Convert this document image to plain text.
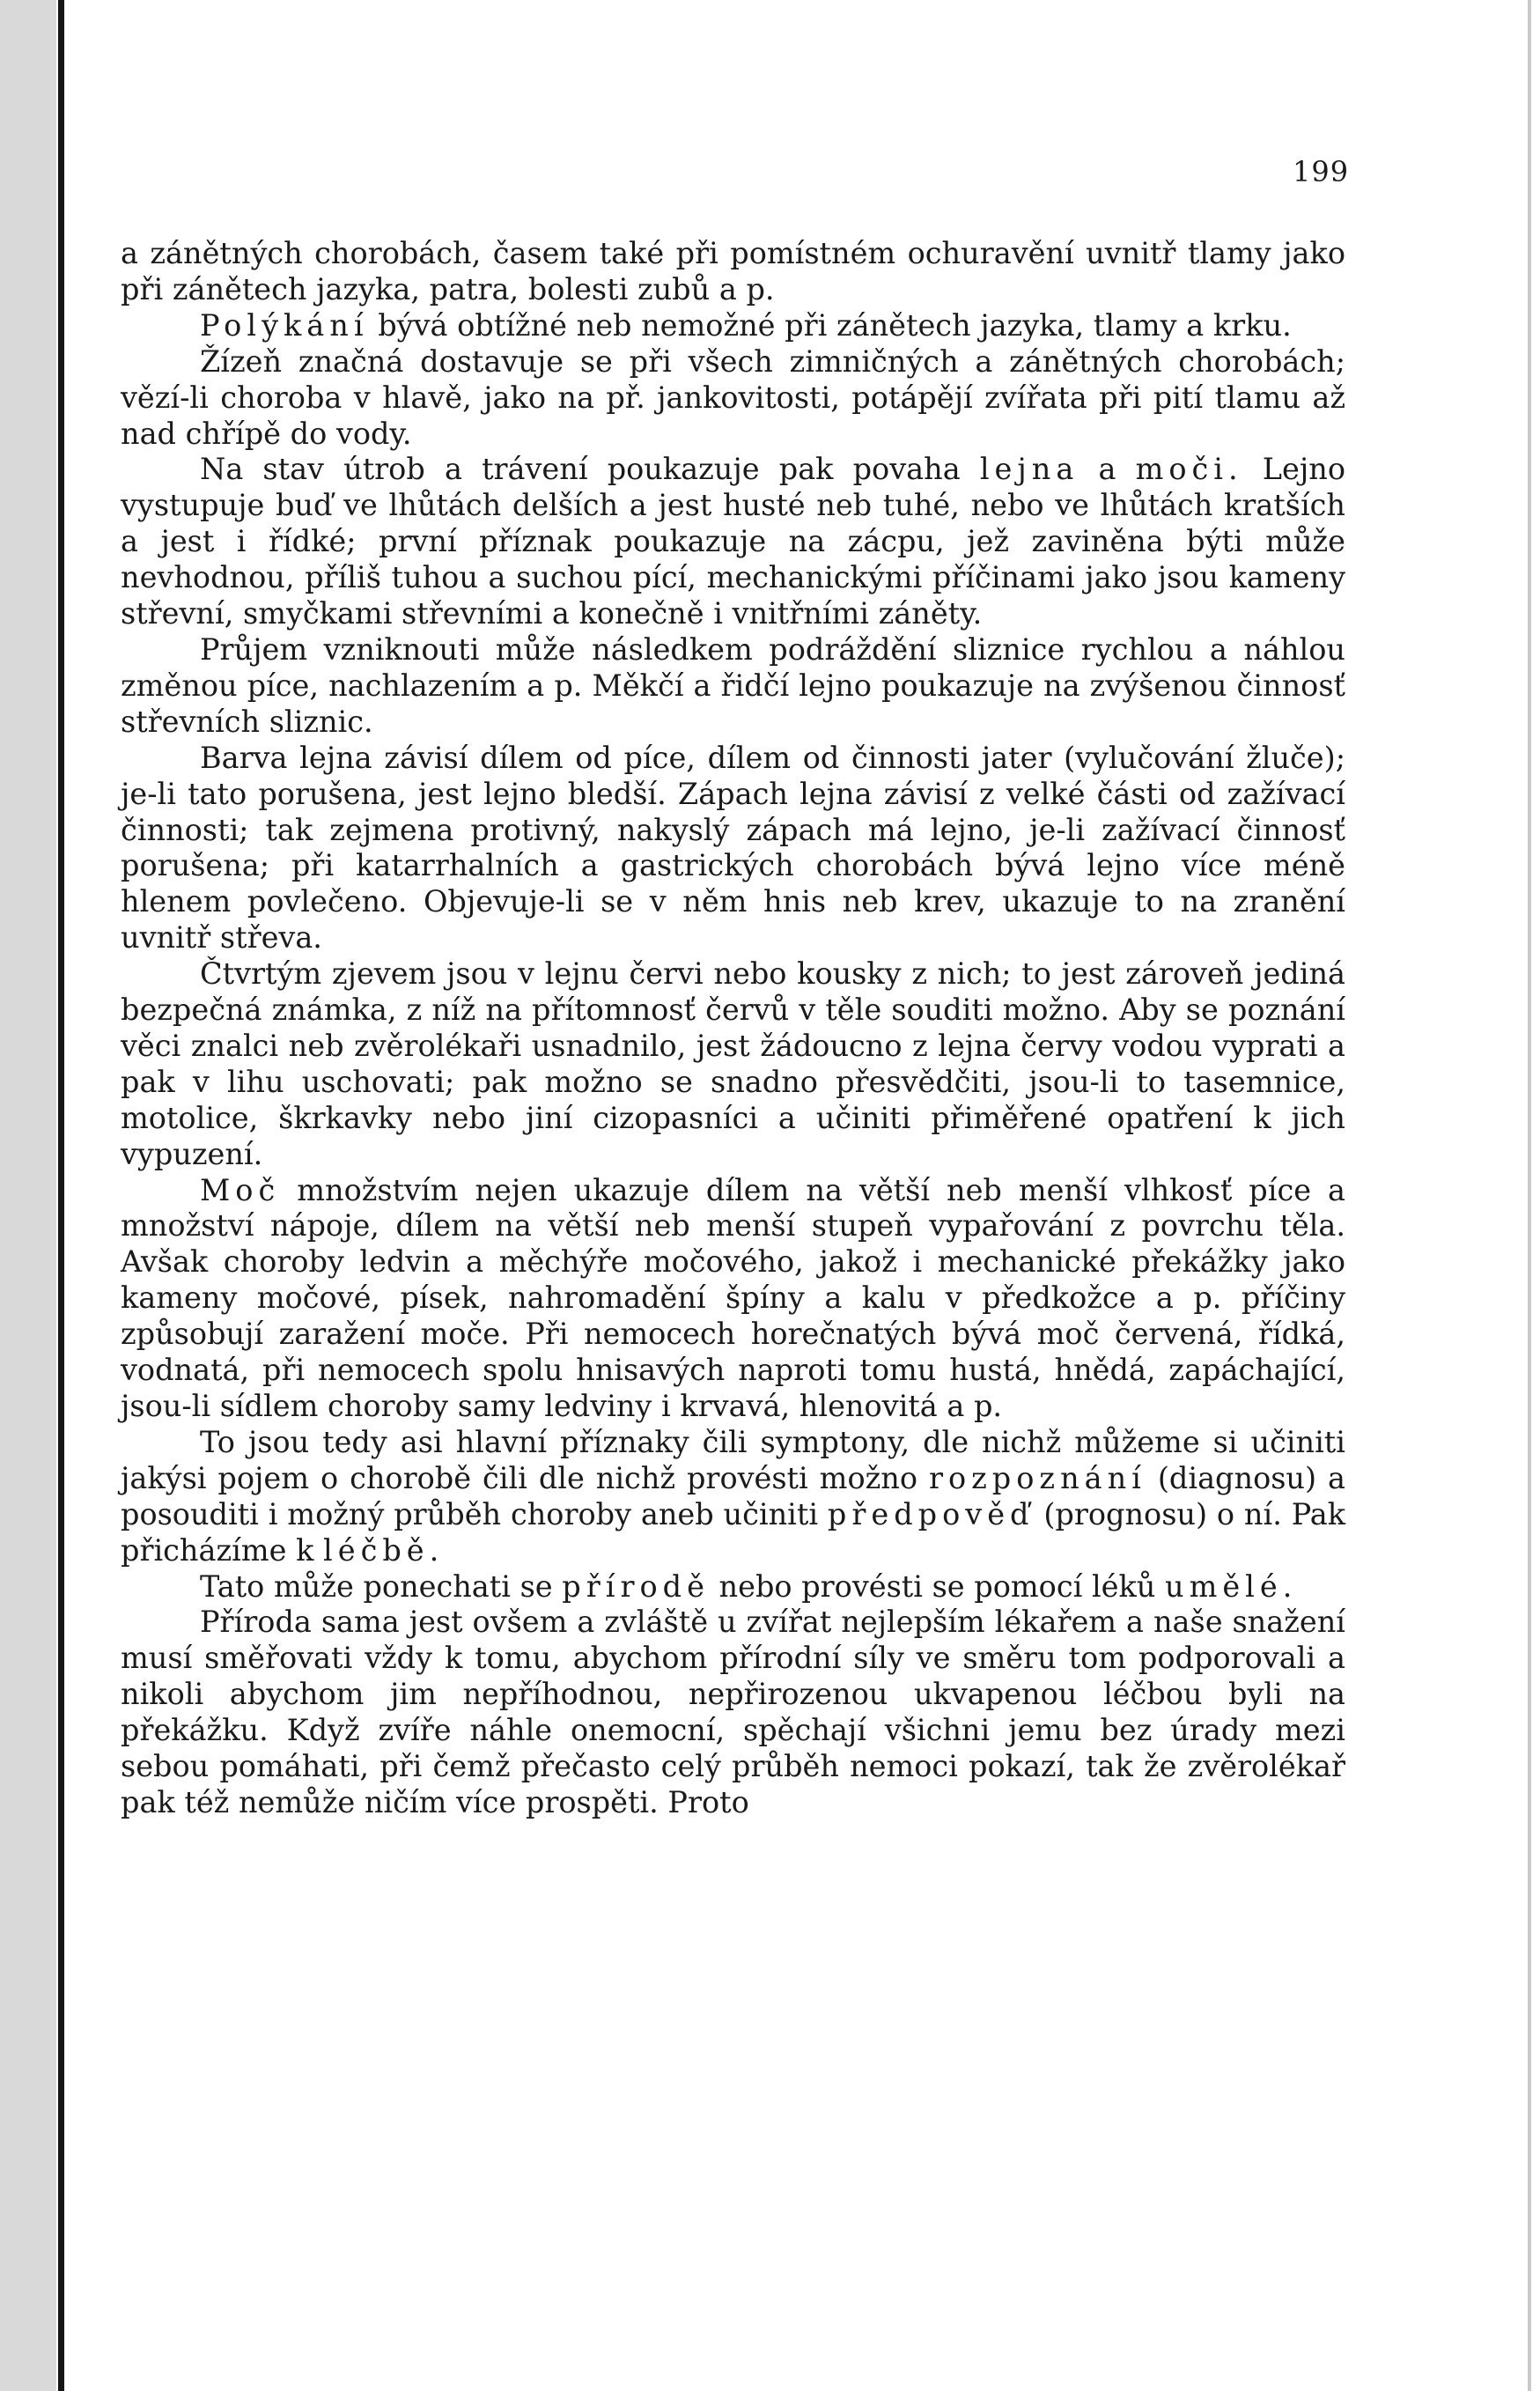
199

a zánětných chorobách, časem také při pomístném ochuravění uvnitř tlamy jako při zánětech jazyka, patra, bolesti zubů a p.

Polýkání bývá obtížné neb nemožné při zánětech jazyka, tlamy a krku.

Žízeň značná dostavuje se při všech zimničných a zánětných chorobách; vězí-li choroba v hlavě, jako na př. jankovitosti, potápějí zvířata při pití tlamu až nad chřípě do vody.

Na stav útrob a trávení poukazuje pak povaha lejna a moči. Lejno vystupuje buď ve lhůtách delších a jest husté neb tuhé, nebo ve lhůtách kratších a jest i řídké; první příznak poukazuje na zácpu, jež zaviněna býti může nevhodnou, příliš tuhou a suchou pící, mechanickými příčinami jako jsou kameny střevní, smyčkami střevními a konečně i vnitřními záněty.

Průjem vzniknouti může následkem podráždění sliznice rychlou a náhlou změnou píce, nachlazením a p. Měkčí a řidčí lejno poukazuje na zvýšenou činnosť střevních sliznic.

Barva lejna závisí dílem od píce, dílem od činnosti jater (vylučování žluče); je-li tato porušena, jest lejno bledší. Zápach lejna závisí z velké části od zažívací činnosti; tak zejmena protivný, nakyslý zápach má lejno, je-li zažívací činnosť porušena; při katarrhalních a gastrických chorobách bývá lejno více méně hlenem povlečeno. Objevuje-li se v něm hnis neb krev, ukazuje to na zranění uvnitř střeva.

Čtvrtým zjevem jsou v lejnu červi nebo kousky z nich; to jest zároveň jediná bezpečná známka, z níž na přítomnosť červů v těle souditi možno. Aby se poznání věci znalci neb zvěrolékaři usnadnilo, jest žádoucno z lejna červy vodou vyprati a pak v lihu uschovati; pak možno se snadno přesvědčiti, jsou-li to tasemnice, motolice, škrkavky nebo jiní cizopasníci a učiniti přiměřené opatření k jich vypuzení.

Moč množstvím nejen ukazuje dílem na větší neb menší vlhkosť píce a množství nápoje, dílem na větší neb menší stupeň vypařování z povrchu těla. Avšak choroby ledvin a měchýře močového, jakož i mechanické překážky jako kameny močové, písek, nahromadění špíny a kalu v předkožce a p. příčiny způsobují zaražení moče. Při nemocech horečnatých bývá moč červená, řídká, vodnatá, při nemocech spolu hnisavých naproti tomu hustá, hnědá, zapáchající, jsou-li sídlem choroby samy ledviny i krvavá, hlenovitá a p.

To jsou tedy asi hlavní příznaky čili symptony, dle nichž můžeme si učiniti jakýsi pojem o chorobě čili dle nichž provésti možno rozpoznání (diagnosu) a posouditi i možný průběh choroby aneb učiniti předpověď (prognosu) o ní. Pak přicházíme k léčbě.

Tato může ponechati se přírodě nebo provésti se pomocí léků umělé.

Příroda sama jest ovšem a zvláště u zvířat nejlepším lékařem a naše snažení musí směřovati vždy k tomu, abychom přírodní síly ve směru tom podporovali a nikoli abychom jim nepříhodnou, nepřirozenou ukvapenou léčbou byli na překážku. Když zvíře náhle onemocní, spěchají všichni jemu bez úrady mezi sebou pomáhati, při čemž přečasto celý průběh nemoci pokazí, tak že zvěrolékař pak též nemůže ničím více prospěti. Proto
